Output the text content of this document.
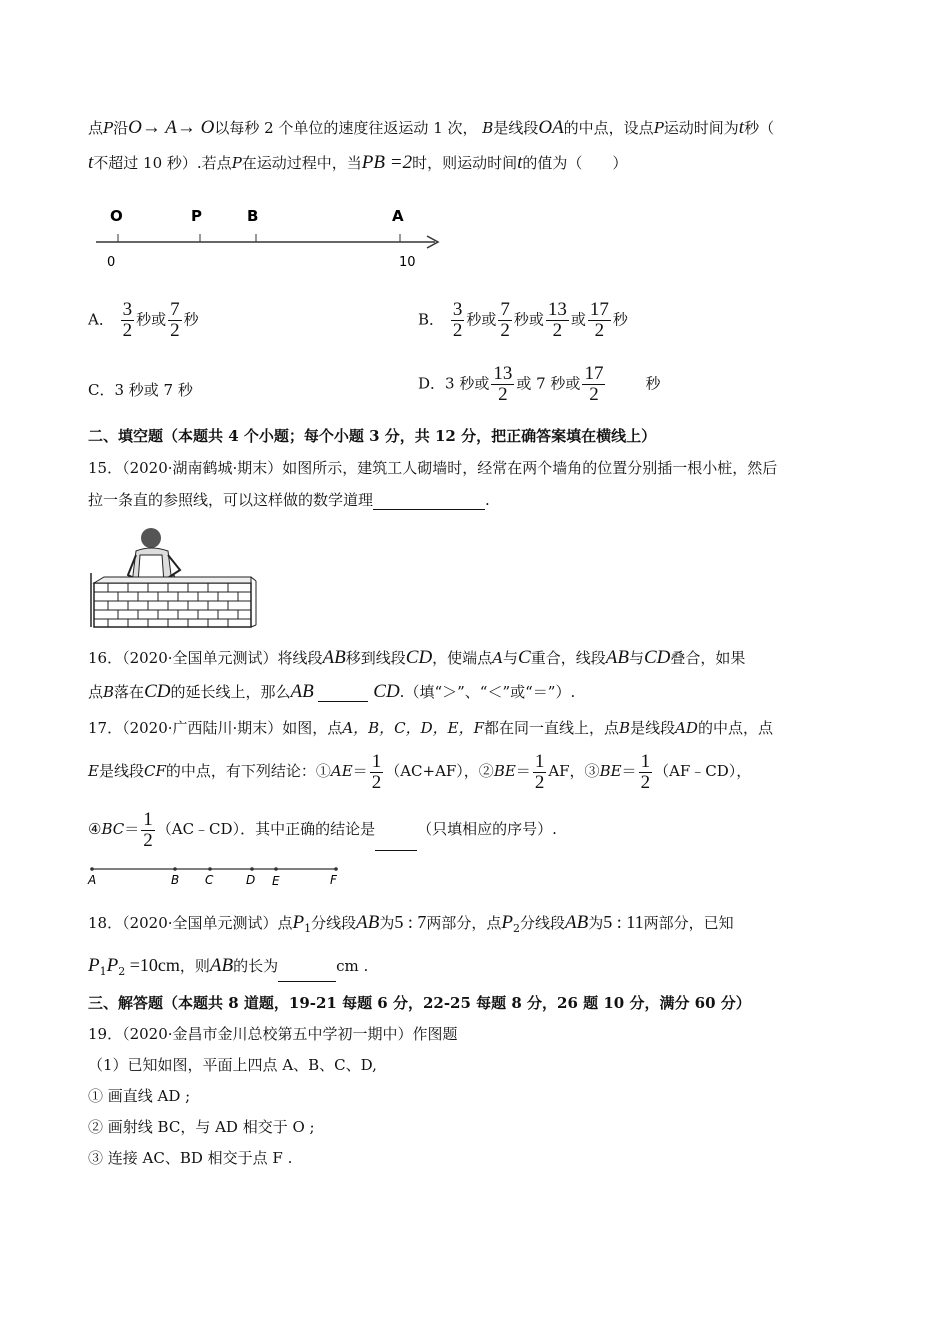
点P沿O→ A→ O以每秒 2 个单位的速度往返运动 1 次， B是线段OA的中点，设点P运动时间为t秒（
t不超过 10 秒）.若点P在运动过程中，当PB =2时，则运动时间t的值为（　　）
O	P	B	A
0	10
A． $\frac{3}{2}$ 秒或 $\frac{7}{2}$ 秒	B． $\frac{3}{2}$ 秒或 $\frac{7}{2}$ 秒或 $\frac{13}{2}$ 或 $\frac{17}{2}$ 秒
C．3 秒或 7 秒	D．3 秒或 $\frac{13}{2}$ 或 7 秒或 $\frac{17}{2}$	秒
二、填空题（本题共 4 个小题；每个小题 3 分，共 12 分，把正确答案填在横线上）
15．（2020·湖南鹤城·期末）如图所示，建筑工人砌墙时，经常在两个墙角的位置分别插一根小桩，然后
拉一条直的参照线，可以这样做的数学道理	.
16．（2020·全国单元测试）将线段AB移到线段CD，使端点A与C重合，线段AB与CD叠合，如果
点B落在CD的延长线上，那么AB	CD.（填“＞”、“＜”或“＝”）.
17．（2020·广西陆川·期末）如图，点A，B，C，D，E，F都在同一直线上，点B是线段AD的中点，点
E是线段CF的中点，有下列结论：①AE＝ $\frac{1}{2} (AC+AF)$，②BE＝ $\frac{1}{2}$ AF，③BE＝ $\frac{1}{2}$ （AF﹣CD），
④BC＝ $\frac{1}{2}$ （AC﹣CD）．其中正确的结论是	（只填相应的序号）.
A	B C	D E	F
18．（2020·全国单元测试）点$P_1$分线段AB为5 : 7两部分，点$P_2$分线段AB为5 : 11两部分，已知
$P_1P_2 =10cm$，则AB的长为	cm .
三、解答题（本题共 8 道题，19-21 每题 6 分，22-25 每题 8 分，26 题 10 分，满分 60 分）
19．（2020·金昌市金川总校第五中学初一期中）作图题
（1）已知如图，平面上四点 A、B、C、D,
① 画直线 AD ;
② 画射线 BC，与 AD 相交于 O ;
③ 连接 AC、BD 相交于点 F .
